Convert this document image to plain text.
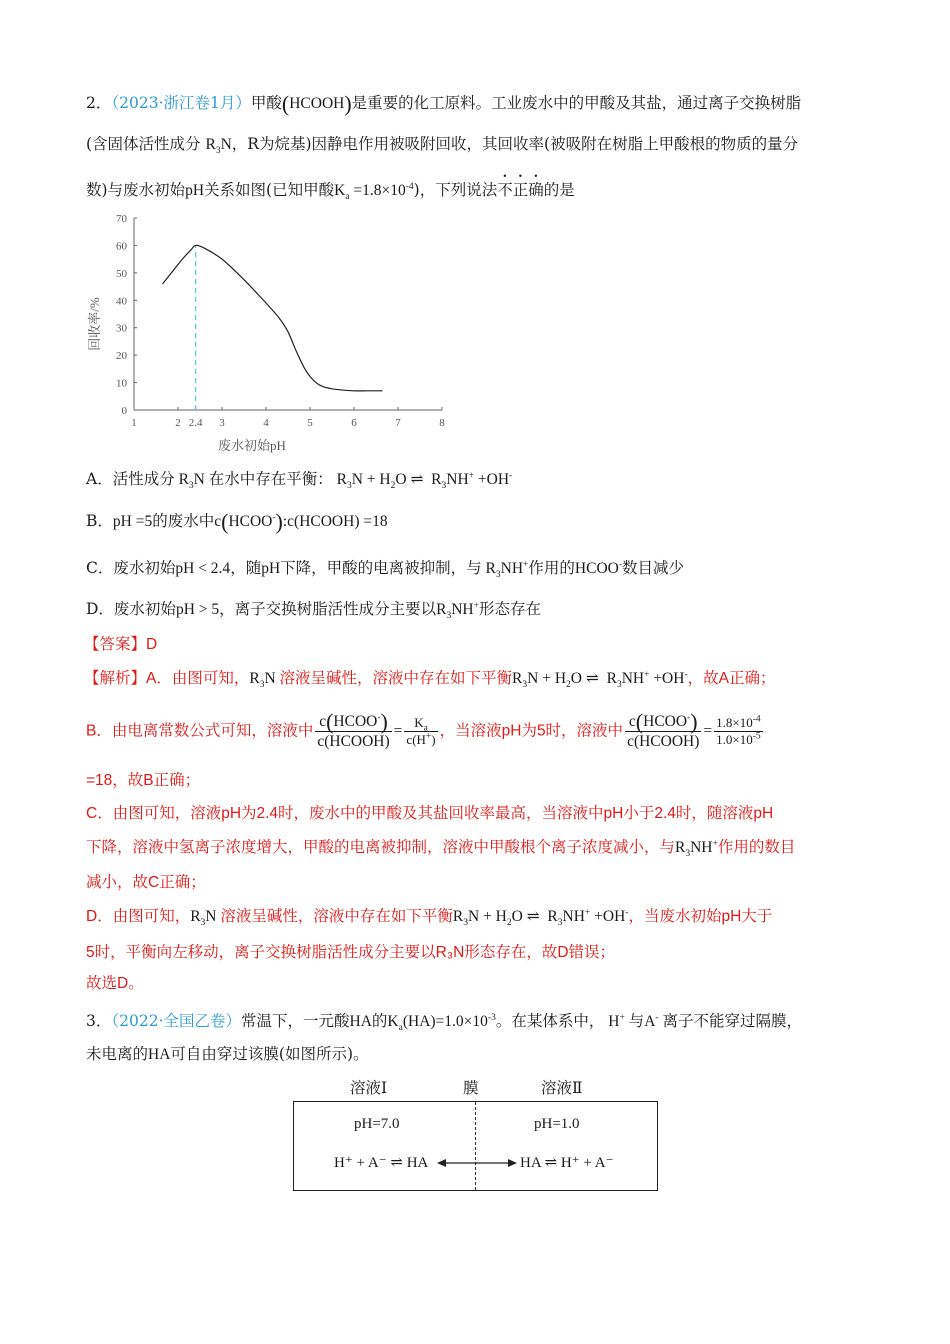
2．（2023·浙江卷1月）甲酸(HCOOH)是重要的化工原料。工业废水中的甲酸及其盐，通过离子交换树脂
(含固体活性成分 $R_3N$，R为烷基)因静电作用被吸附回收，其回收率(被吸附在树脂上甲酸根的物质的量分
数)与废水初始pH关系如图(已知甲酸$K_a =1.8\times 10^{-4}$)，下列说法不正确的是
1	2 2.4 3	4	5	6	7	8
0
10
20
30
40
50
60
70
废水初始pH
回收率/%
A．活性成分 $R_3N$ 在水中存在平衡： $R_3N + H_2O$ ⇌  $R_3NH^+ +OH^-$
B．pH =5的废水中c(HCOO-):c(HCOOH) =18
C．废水初始pH < 2.4，随pH下降，甲酸的电离被抑制，与 $R_3NH^+$作用的HCOO-数目减少
D．废水初始pH > 5，离子交换树脂活性成分主要以$R_3NH^+$形态存在
【答案】D
【解析】A．由图可知，$R_3N$ 溶液呈碱性，溶液中存在如下平衡$R_3N + H_2O$ ⇌  $R_3NH^+ +OH^-$，故A正确；
B．由电离常数公式可知，溶液中 $\frac{c(HCOO^-)}{\text{c(HCOOH)}} = \frac{K_a}{c(H^+)}$ ，当溶液pH为5时，溶液中 $\frac{c(HCOO^-)}{\text{c(HCOOH)}} = \frac{1.8\times 10^{-4}}{1.0\times 10^{-5}}$
=18，故B正确；
C．由图可知，溶液pH为2.4时，废水中的甲酸及其盐回收率最高，当溶液中pH小于2.4时，随溶液pH
下降，溶液中氢离子浓度增大，甲酸的电离被抑制，溶液中甲酸根个离子浓度减小，与$R_3NH^+$作用的数目
减小，故C正确；
D．由图可知，$R_3N$ 溶液呈碱性，溶液中存在如下平衡$R_3N + H_2O$ ⇌  $R_3NH^+ +OH^-$，当废水初始pH大于
5时，平衡向左移动，离子交换树脂活性成分主要以R₃N形态存在，故D错误；
故选D。
3．（2022·全国乙卷）常温下，一元酸HA的$K_a(HA)=1.0\times 10^{-3}$。在某体系中， H+ 与A- 离子不能穿过隔膜，
未电离的HA可自由穿过该膜(如图所示)。
溶液Ⅰ	膜	溶液Ⅱ
pH=7.0	pH=1.0
H⁺ + A⁻ ⇌ HA	HA ⇌ H⁺ + A⁻
